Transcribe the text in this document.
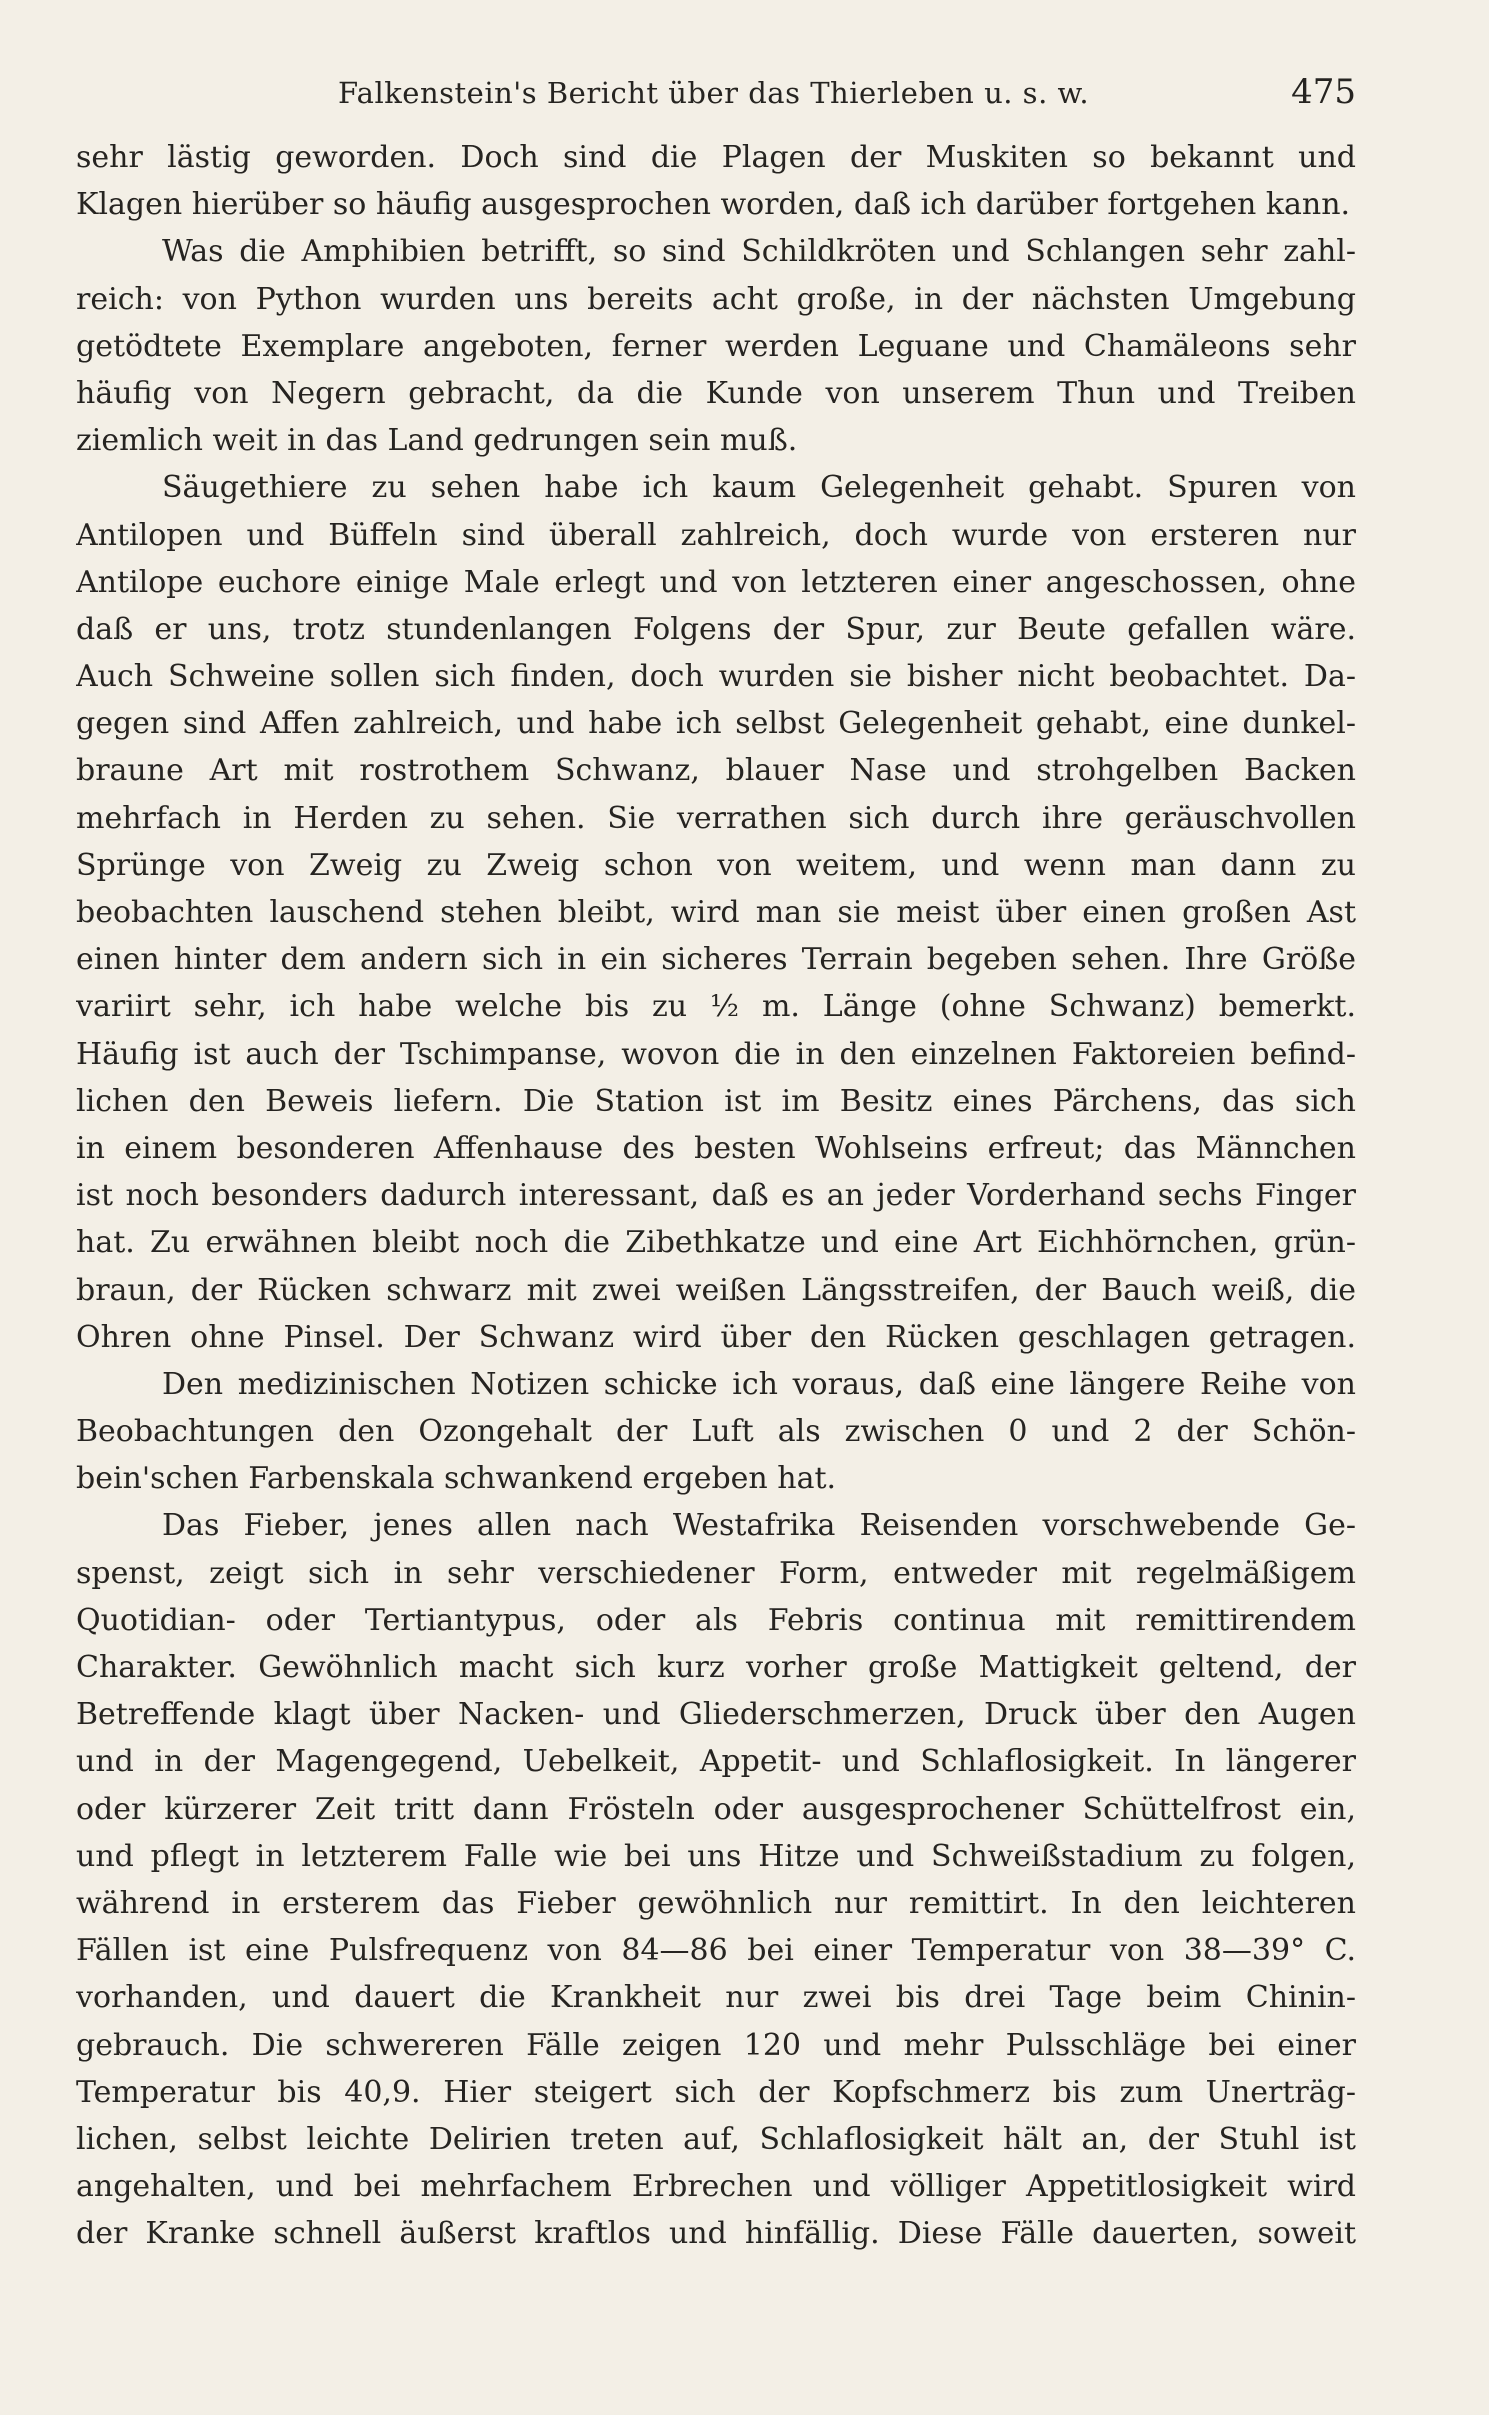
Falkenstein's Bericht über das Thierleben u. s. w.	475
sehr lästig geworden. Doch sind die Plagen der Muskiten so bekannt und
Klagen hierüber so häufig ausgesprochen worden, daß ich darüber fortgehen kann.
Was die Amphibien betrifft, so sind Schildkröten und Schlangen sehr zahl-
reich: von Python wurden uns bereits acht große, in der nächsten Umgebung
getödtete Exemplare angeboten, ferner werden Leguane und Chamäleons sehr
häufig von Negern gebracht, da die Kunde von unserem Thun und Treiben
ziemlich weit in das Land gedrungen sein muß.
Säugethiere zu sehen habe ich kaum Gelegenheit gehabt. Spuren von
Antilopen und Büffeln sind überall zahlreich, doch wurde von ersteren nur
Antilope euchore einige Male erlegt und von letzteren einer angeschossen, ohne
daß er uns, trotz stundenlangen Folgens der Spur, zur Beute gefallen wäre.
Auch Schweine sollen sich finden, doch wurden sie bisher nicht beobachtet. Da-
gegen sind Affen zahlreich, und habe ich selbst Gelegenheit gehabt, eine dunkel-
braune Art mit rostrothem Schwanz, blauer Nase und strohgelben Backen
mehrfach in Herden zu sehen. Sie verrathen sich durch ihre geräuschvollen
Sprünge von Zweig zu Zweig schon von weitem, und wenn man dann zu
beobachten lauschend stehen bleibt, wird man sie meist über einen großen Ast
einen hinter dem andern sich in ein sicheres Terrain begeben sehen. Ihre Größe
variirt sehr, ich habe welche bis zu ½ m. Länge (ohne Schwanz) bemerkt.
Häufig ist auch der Tschimpanse, wovon die in den einzelnen Faktoreien befind-
lichen den Beweis liefern. Die Station ist im Besitz eines Pärchens, das sich
in einem besonderen Affenhause des besten Wohlseins erfreut; das Männchen
ist noch besonders dadurch interessant, daß es an jeder Vorderhand sechs Finger
hat. Zu erwähnen bleibt noch die Zibethkatze und eine Art Eichhörnchen, grün-
braun, der Rücken schwarz mit zwei weißen Längsstreifen, der Bauch weiß, die
Ohren ohne Pinsel. Der Schwanz wird über den Rücken geschlagen getragen.
Den medizinischen Notizen schicke ich voraus, daß eine längere Reihe von
Beobachtungen den Ozongehalt der Luft als zwischen 0 und 2 der Schön-
bein'schen Farbenskala schwankend ergeben hat.
Das Fieber, jenes allen nach Westafrika Reisenden vorschwebende Ge-
spenst, zeigt sich in sehr verschiedener Form, entweder mit regelmäßigem
Quotidian- oder Tertiantypus, oder als Febris continua mit remittirendem
Charakter. Gewöhnlich macht sich kurz vorher große Mattigkeit geltend, der
Betreffende klagt über Nacken- und Gliederschmerzen, Druck über den Augen
und in der Magengegend, Uebelkeit, Appetit- und Schlaflosigkeit. In längerer
oder kürzerer Zeit tritt dann Frösteln oder ausgesprochener Schüttelfrost ein,
und pflegt in letzterem Falle wie bei uns Hitze und Schweißstadium zu folgen,
während in ersterem das Fieber gewöhnlich nur remittirt. In den leichteren
Fällen ist eine Pulsfrequenz von 84—86 bei einer Temperatur von 38—39° C.
vorhanden, und dauert die Krankheit nur zwei bis drei Tage beim Chinin-
gebrauch. Die schwereren Fälle zeigen 120 und mehr Pulsschläge bei einer
Temperatur bis 40,9. Hier steigert sich der Kopfschmerz bis zum Unerträg-
lichen, selbst leichte Delirien treten auf, Schlaflosigkeit hält an, der Stuhl ist
angehalten, und bei mehrfachem Erbrechen und völliger Appetitlosigkeit wird
der Kranke schnell äußerst kraftlos und hinfällig. Diese Fälle dauerten, soweit
